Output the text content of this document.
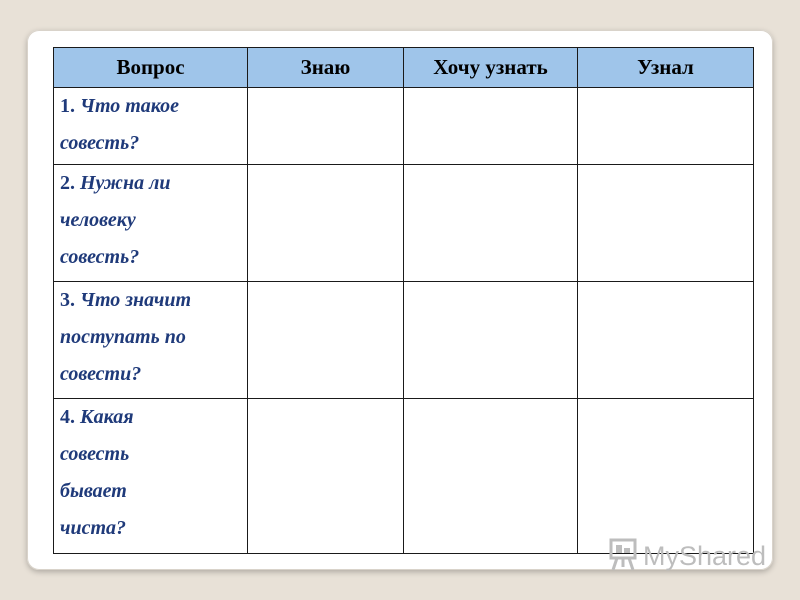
Вопрос	Знаю	Хочу узнать	Узнал
1. Что такое
совесть?			
2. Нужна ли
человеку
совесть?			
3. Что значит
поступать по
совести?			
4. Какая
совесть
бывает
чиста?			
MyShared
